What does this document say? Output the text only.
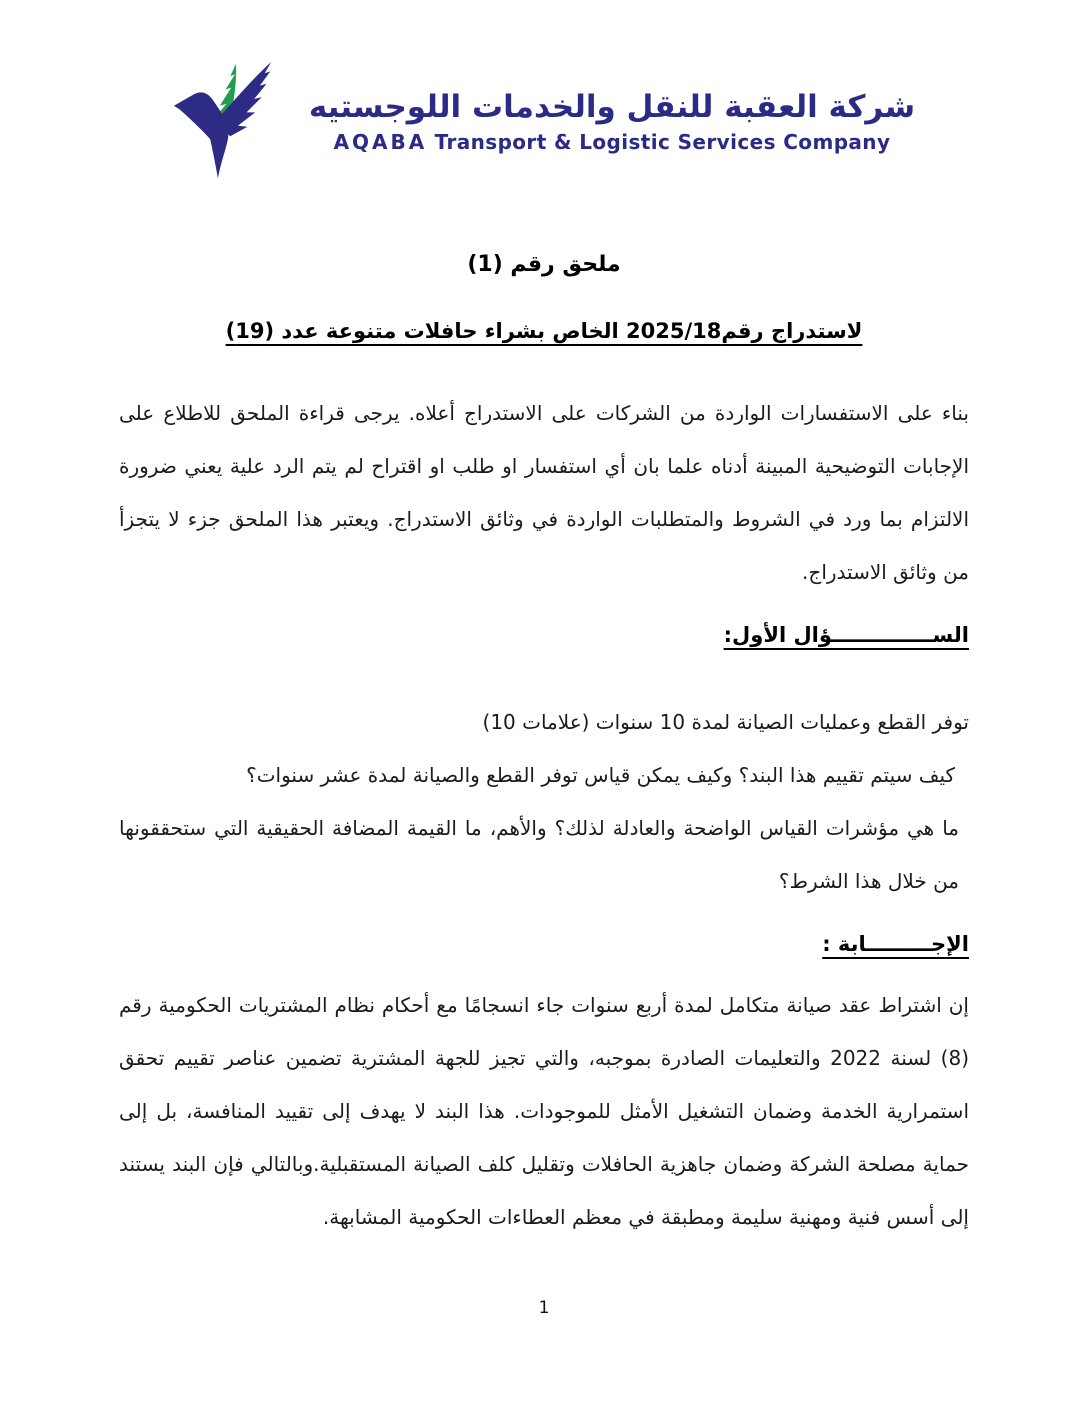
شركة العقبة للنقل والخدمات اللوجستيه
AQABA Transport & Logistic Services Company
ملحق رقم (1)
لاستدراج رقم2025/18 الخاص بشراء حافلات متنوعة عدد (19)

بناء على الاستفسارات الواردة من الشركات على الاستدراج أعلاه. يرجى قراءة الملحق للاطلاع على الإجابات التوضيحية المبينة أدناه علما بان أي استفسار او طلب او اقتراح لم يتم الرد علية يعني ضرورة الالتزام بما ورد في الشروط والمتطلبات الواردة في وثائق الاستدراج. ويعتبر هذا الملحق جزء لا يتجزأ من وثائق الاستدراج.

الســــــــــــــؤال الأول:

توفر القطع وعمليات الصيانة لمدة 10 سنوات (علامات 10)

كيف سيتم تقييم هذا البند؟ وكيف يمكن قياس توفر القطع والصيانة لمدة عشر سنوات؟

ما هي مؤشرات القياس الواضحة والعادلة لذلك؟ والأهم، ما القيمة المضافة الحقيقية التي ستحققونها من خلال هذا الشرط؟

الإجـــــــــابة :

إن اشتراط عقد صيانة متكامل لمدة أربع سنوات جاء انسجامًا مع أحكام نظام المشتريات الحكومية رقم (8) لسنة 2022 والتعليمات الصادرة بموجبه، والتي تجيز للجهة المشترية تضمين عناصر تقييم تحقق استمرارية الخدمة وضمان التشغيل الأمثل للموجودات. هذا البند لا يهدف إلى تقييد المنافسة، بل إلى حماية مصلحة الشركة وضمان جاهزية الحافلات وتقليل كلف الصيانة المستقبلية.وبالتالي فإن البند يستند إلى أسس فنية ومهنية سليمة ومطبقة في معظم العطاءات الحكومية المشابهة.

1
